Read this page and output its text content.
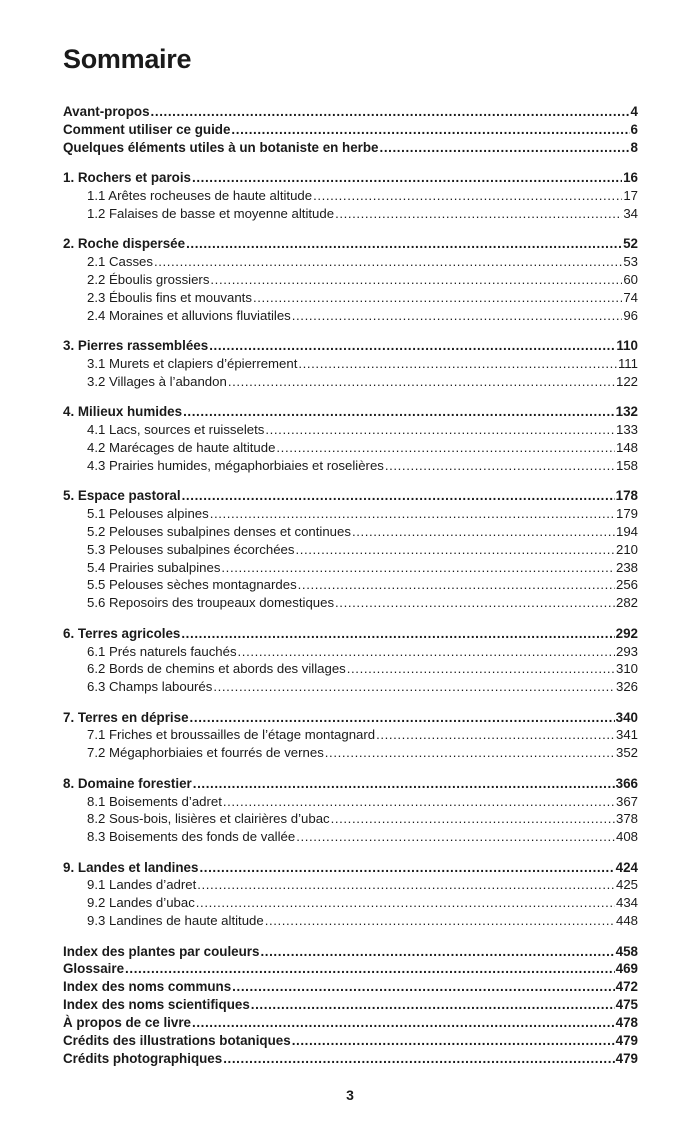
Sommaire
Avant-propos .....	4
Comment utiliser ce guide .....	6
Quelques éléments utiles à un botaniste en herbe .....	8
1. Rochers et parois .....	16
1.1 Arêtes rocheuses de haute altitude .....	17
1.2 Falaises de basse et moyenne altitude .....	34
2. Roche dispersée .....	52
2.1 Casses .....	53
2.2 Éboulis grossiers .....	60
2.3 Éboulis fins et mouvants .....	74
2.4 Moraines et alluvions fluviatiles .....	96
3. Pierres rassemblées .....	110
3.1 Murets et clapiers d’épierrement .....	111
3.2 Villages à l’abandon .....	122
4. Milieux humides .....	132
4.1 Lacs, sources et ruisselets .....	133
4.2 Marécages de haute altitude .....	148
4.3 Prairies humides, mégaphorbiaies et roselières .....	158
5. Espace pastoral .....	178
5.1 Pelouses alpines .....	179
5.2 Pelouses subalpines denses et continues .....	194
5.3 Pelouses subalpines écorchées .....	210
5.4 Prairies subalpines .....	238
5.5 Pelouses sèches montagnardes .....	256
5.6 Reposoirs des troupeaux domestiques .....	282
6. Terres agricoles .....	292
6.1 Prés naturels fauchés .....	293
6.2 Bords de chemins et abords des villages .....	310
6.3 Champs labourés .....	326
7. Terres en déprise .....	340
7.1 Friches et broussailles de l’étage montagnard .....	341
7.2 Mégaphorbiaies et fourrés de vernes .....	352
8. Domaine forestier .....	366
8.1 Boisements d’adret .....	367
8.2 Sous-bois, lisières et clairières d’ubac .....	378
8.3 Boisements des fonds de vallée .....	408
9. Landes et landines .....	424
9.1 Landes d’adret .....	425
9.2 Landes d’ubac .....	434
9.3 Landines de haute altitude .....	448
Index des plantes par couleurs .....	458
Glossaire .....	469
Index des noms communs .....	472
Index des noms scientifiques .....	475
À propos de ce livre .....	478
Crédits des illustrations botaniques .....	479
Crédits photographiques .....	479
3
